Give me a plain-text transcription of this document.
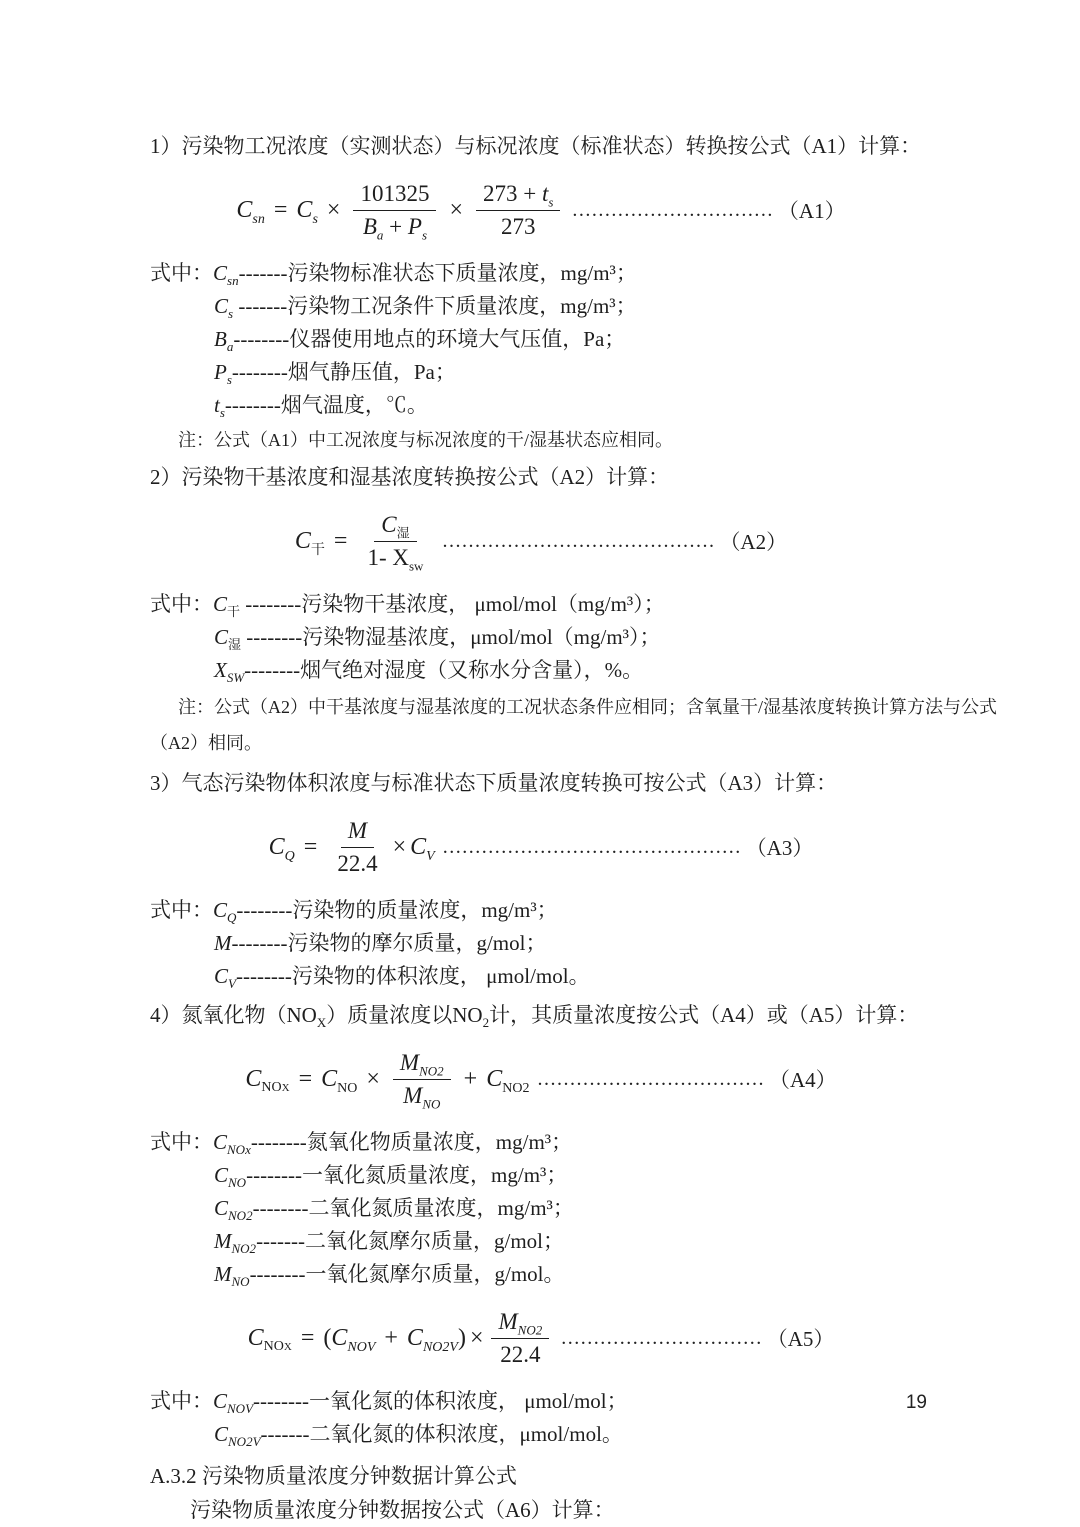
1）污染物工况浓度（实测状态）与标况浓度（标准状态）转换按公式（A1）计算：

$C_{sn} = C_s \times \frac{101325}{B_a + P_s} \times \frac{273 + t_s}{273}$ ............................... （A1）
式中：$C_{sn}-------$污染物标准状态下质量浓度，mg/m³；
$C_s$ -------污染物工况条件下质量浓度，mg/m³；
$B_a--------$仪器使用地点的环境大气压值，Pa；
$P_s--------$烟气静压值，Pa；
$t_s--------$烟气温度，℃。
注：公式（A1）中工况浓度与标况浓度的干/湿基状态应相同。

2）污染物干基浓度和湿基浓度转换按公式（A2）计算：

$C_干 = \frac{C_湿}{1- X_{sw}}$ .......................................... （A2）
式中：$C_干$ --------污染物干基浓度， μmol/mol（mg/m³）；
$C_湿$ --------污染物湿基浓度，μmol/mol（mg/m³）；
$X_{SW}--------$烟气绝对湿度（又称水分含量），%。
注：公式（A2）中干基浓度与湿基浓度的工况状态条件应相同；含氧量干/湿基浓度转换计算方法与公式
（A2）相同。

3）气态污染物体积浓度与标准状态下质量浓度转换可按公式（A3）计算：

$C_Q = \frac{M}{22.4} \times C_V$ .............................................. （A3）
式中：$C_Q--------$污染物的质量浓度，mg/m³；
M--------污染物的摩尔质量，g/mol；
$C_V--------$污染物的体积浓度， μmol/mol。

4）氮氧化物$(NO_X)$质量浓度以$NO_2$计，其质量浓度按公式（A4）或（A5）计算：

$C_{NOX} = C_{NO} \times \frac{M_{NO2}}{M_{NO}} + C_{NO2}$ ................................... （A4）
式中：$C_{NOx}--------$氮氧化物质量浓度，mg/m³；
$C_{NO}--------$一氧化氮质量浓度，mg/m³；
$C_{NO2}--------$二氧化氮质量浓度，mg/m³；
$M_{NO2}-------$二氧化氮摩尔质量，g/mol；
$M_{NO}--------$一氧化氮摩尔质量，g/mol。
$C_{NOX}$ = ( $C_{NOV} + C_{NO2V}$ ) × $\frac{M_{NO2}}{22.4}$ ............................... （A5）
式中：$C_{NOV}--------$一氧化氮的体积浓度， μmol/mol；
$C_{NO2V}-------$二氧化氮的体积浓度，μmol/mol。
A.3.2 污染物质量浓度分钟数据计算公式
污染物质量浓度分钟数据按公式（A6）计算：
19
